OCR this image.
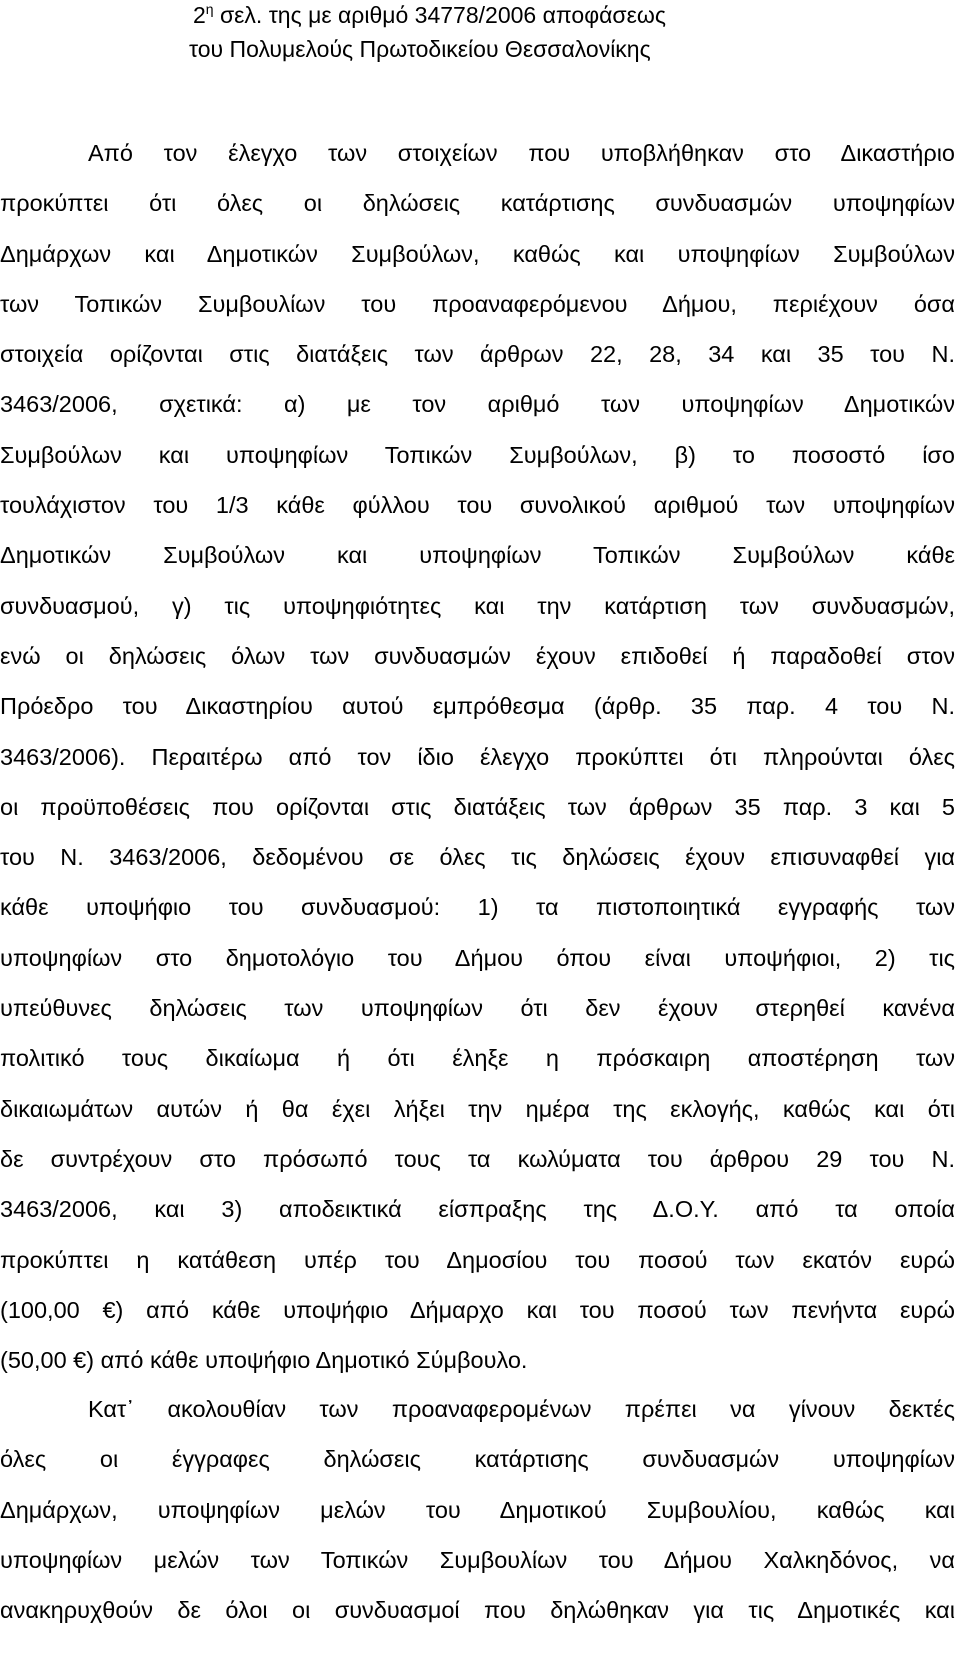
$2^\eta$ σελ. της με αριθμό 34778/2006 αποφάσεως
του Πολυμελούς Πρωτοδικείου Θεσσαλονίκης
Από τον έλεγχο των στοιχείων που υποβλήθηκαν στο Δικαστήριο
προκύπτει ότι όλες οι δηλώσεις κατάρτισης συνδυασμών υποψηφίων
Δημάρχων και Δημοτικών Συμβούλων, καθώς και υποψηφίων Συμβούλων
των Τοπικών Συμβουλίων του προαναφερόμενου Δήμου, περιέχουν όσα
στοιχεία ορίζονται στις διατάξεις των άρθρων 22, 28, 34 και 35 του Ν.
3463/2006, σχετικά: α) με τον αριθμό των υποψηφίων Δημοτικών
Συμβούλων και υποψηφίων Τοπικών Συμβούλων, β) το ποσοστό ίσο
τουλάχιστον του 1/3 κάθε φύλλου του συνολικού αριθμού των υποψηφίων
Δημοτικών Συμβούλων και υποψηφίων Τοπικών Συμβούλων κάθε
συνδυασμού, γ) τις υποψηφιότητες και την κατάρτιση των συνδυασμών,
ενώ οι δηλώσεις όλων των συνδυασμών έχουν επιδοθεί ή παραδοθεί στον
Πρόεδρο του Δικαστηρίου αυτού εμπρόθεσμα (άρθρ. 35 παρ. 4 του Ν.
3463/2006). Περαιτέρω από τον ίδιο έλεγχο προκύπτει ότι πληρούνται όλες
οι προϋποθέσεις που ορίζονται στις διατάξεις των άρθρων 35 παρ. 3 και 5
του Ν. 3463/2006, δεδομένου σε όλες τις δηλώσεις έχουν επισυναφθεί για
κάθε υποψήφιο του συνδυασμού: 1) τα πιστοποιητικά εγγραφής των
υποψηφίων στο δημοτολόγιο του Δήμου όπου είναι υποψήφιοι, 2) τις
υπεύθυνες δηλώσεις των υποψηφίων ότι δεν έχουν στερηθεί κανένα
πολιτικό τους δικαίωμα ή ότι έληξε η πρόσκαιρη αποστέρηση των
δικαιωμάτων αυτών ή θα έχει λήξει την ημέρα της εκλογής, καθώς και ότι
δε συντρέχουν στο πρόσωπό τους τα κωλύματα του άρθρου 29 του Ν.
3463/2006, και 3) αποδεικτικά είσπραξης της Δ.Ο.Υ. από τα οποία
προκύπτει η κατάθεση υπέρ του Δημοσίου του ποσού των εκατόν ευρώ
(100,00 €) από κάθε υποψήφιο Δήμαρχο και του ποσού των πενήντα ευρώ
(50,00 €) από κάθε υποψήφιο Δημοτικό Σύμβουλο.
Κατ᾽ ακολουθίαν των προαναφερομένων πρέπει να γίνουν δεκτές
όλες οι έγγραφες δηλώσεις κατάρτισης συνδυασμών υποψηφίων
Δημάρχων, υποψηφίων μελών του Δημοτικού Συμβουλίου, καθώς και
υποψηφίων μελών των Τοπικών Συμβουλίων του Δήμου Χαλκηδόνος, να
ανακηρυχθούν δε όλοι οι συνδυασμοί που δηλώθηκαν για τις Δημοτικές και
